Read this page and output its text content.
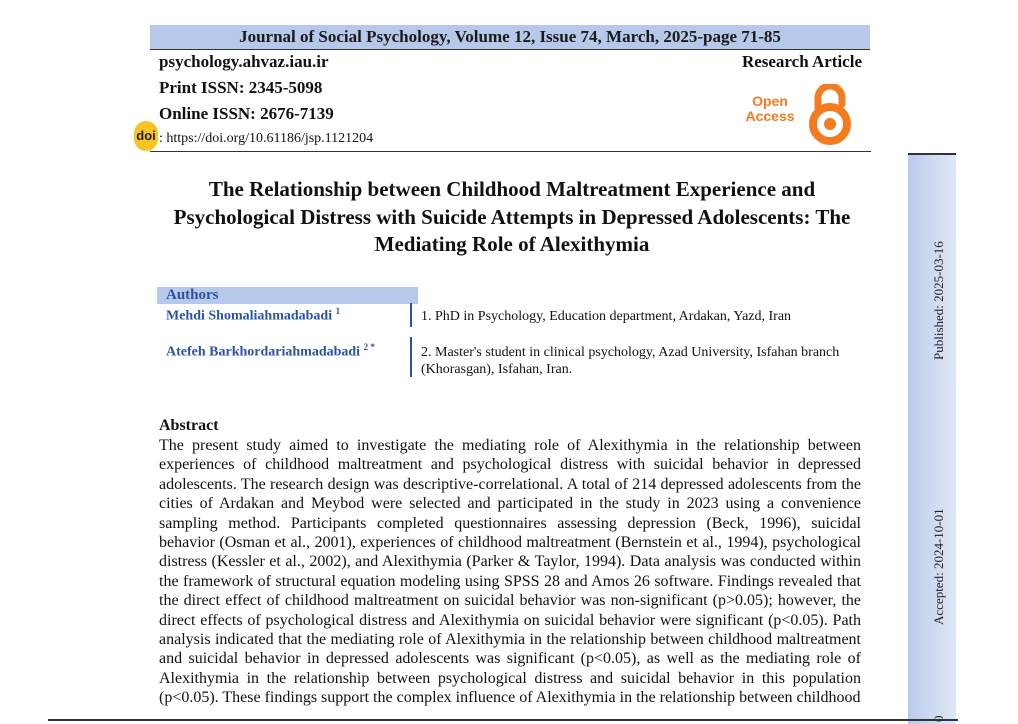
Journal of Social Psychology, Volume 12, Issue 74, March, 2025-page 71-85
psychology.ahvaz.iau.ir	Research Article
Print ISSN: 2345-5098
Online ISSN: 2676-7139
doi : https://doi.org/10.61186/jsp.1121204
Open
Access
Published: 2025-03-16
Accepted: 2024-10-01
The Relationship between Childhood Maltreatment Experience and Psychological Distress with Suicide Attempts in Depressed Adolescents: The Mediating Role of Alexithymia
Authors
Mehdi Shomaliahmadabadi $^1$	1. PhD in Psychology, Education department, Ardakan, Yazd, Iran
Atefeh Barkhordariahmadabadi $^{2 *}$	2. Master's student in clinical psychology, Azad University, Isfahan branch (Khorasgan), Isfahan, Iran.
Abstract
The present study aimed to investigate the mediating role of Alexithymia in the relationship between experiences of childhood maltreatment and psychological distress with suicidal behavior in depressed adolescents. The research design was descriptive-correlational. A total of 214 depressed adolescents from the cities of Ardakan and Meybod were selected and participated in the study in 2023 using a convenience sampling method. Participants completed questionnaires assessing depression (Beck, 1996), suicidal behavior (Osman et al., 2001), experiences of childhood maltreatment (Bernstein et al., 1994), psychological distress (Kessler et al., 2002), and Alexithymia (Parker & Taylor, 1994). Data analysis was conducted within the framework of structural equation modeling using SPSS 28 and Amos 26 software. Findings revealed that the direct effect of childhood maltreatment on suicidal behavior was non-significant (p>0.05); however, the direct effects of psychological distress and Alexithymia on suicidal behavior were significant (p<0.05). Path analysis indicated that the mediating role of Alexithymia in the relationship between childhood maltreatment and suicidal behavior in depressed adolescents was significant (p<0.05), as well as the mediating role of Alexithymia in the relationship between psychological distress and suicidal behavior in this population (p<0.05). These findings support the complex influence of Alexithymia in the relationship between childhood
